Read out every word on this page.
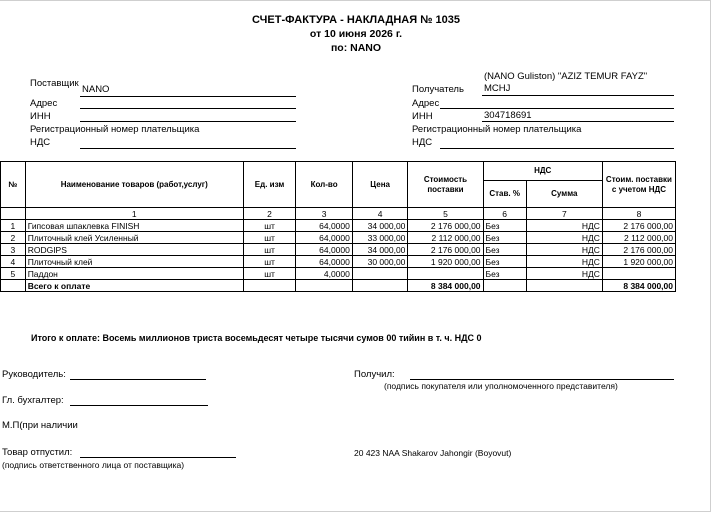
СЧЕТ-ФАКТУРА - НАКЛАДНАЯ № 1035
от 10 июня 2026 г.
по: NANO
Поставщик
NANO
Адрес
ИНН
Регистрационный номер плательщика
НДС
(NANO Guliston) "AZIZ TEMUR FAYZ"
Получатель MCHJ
Адрес
ИНН	304718691
Регистрационный номер плательщика
НДС
№	Наименование товаров (работ,услуг)	Ед. изм	Кол-во	Цена	Стоимость поставки	НДС		Стоим. поставки с учетом НДС
						Став. %	Сумма	
	1	2	3	4	5	6	7	8
1	Гипсовая шпаклевка FINISH	шт	64,0000	34 000,00	2 176 000,00	Без	НДС	2 176 000,00
2	Плиточный клей Усиленный	шт	64,0000	33 000,00	2 112 000,00	Без	НДС	2 112 000,00
3	RODGIPS	шт	64,0000	34 000,00	2 176 000,00	Без	НДС	2 176 000,00
4	Плиточный клей	шт	64,0000	30 000,00	1 920 000,00	Без	НДС	1 920 000,00
5	Паддон	шт	4,0000			Без	НДС	
	Всего к оплате				8 384 000,00			8 384 000,00
Итого к оплате: Восемь миллионов триста восемьдесят четыре тысячи сумов 00 тийин в т. ч. НДС 0
Руководитель:	Получил:
(подпись покупателя или уполномоченного представителя)
Гл. бухгалтер:
М.П(при наличии
Товар отпустил:
(подпись ответственного лица от поставщика)
20 423 NAA Shakarov Jahongir (Boyovut)
